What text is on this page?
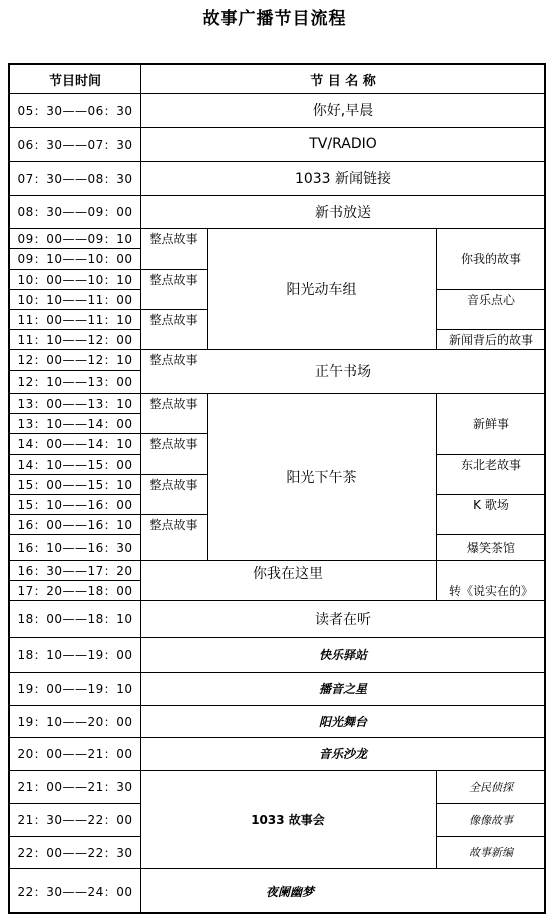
故事广播节目流程
节目时间	节 目 名 称
05：30——06：30
06：30——07：30
07：30——08：30
08：30——09：00
09：00——09：10
09：10——10：00
10：00——10：10
10：10——11：00
11：00——11：10
11：10——12：00
12：00——12：10
12：10——13：00
13：00——13：10
13：10——14：00
14：00——14：10
14：10——15：00
15：00——15：10
15：10——16：00
16：00——16：10
16：10——16：30
16：30——17：20
17：20——18：00
18：00——18：10
18：10——19：00
19：00——19：10
19：10——20：00
20：00——21：00
21：00——21：30
21：30——22：00
22：00——22：30
22：30——24：00
你好,早晨
TV/RADIO
1033 新闻链接
新书放送
整点故事
整点故事
整点故事
阳光动车组
你我的故事
音乐点心
新闻背后的故事
整点故事
正午书场
整点故事
整点故事
整点故事
整点故事
阳光下午茶
新鲜事
东北老故事
K 歌场
爆笑茶馆
你我在这里
转《说实在的》
读者在听
快乐驿站
播音之星
阳光舞台
音乐沙龙
1033 故事会
全民侦探
像像故事
故事新编
夜阑幽梦
